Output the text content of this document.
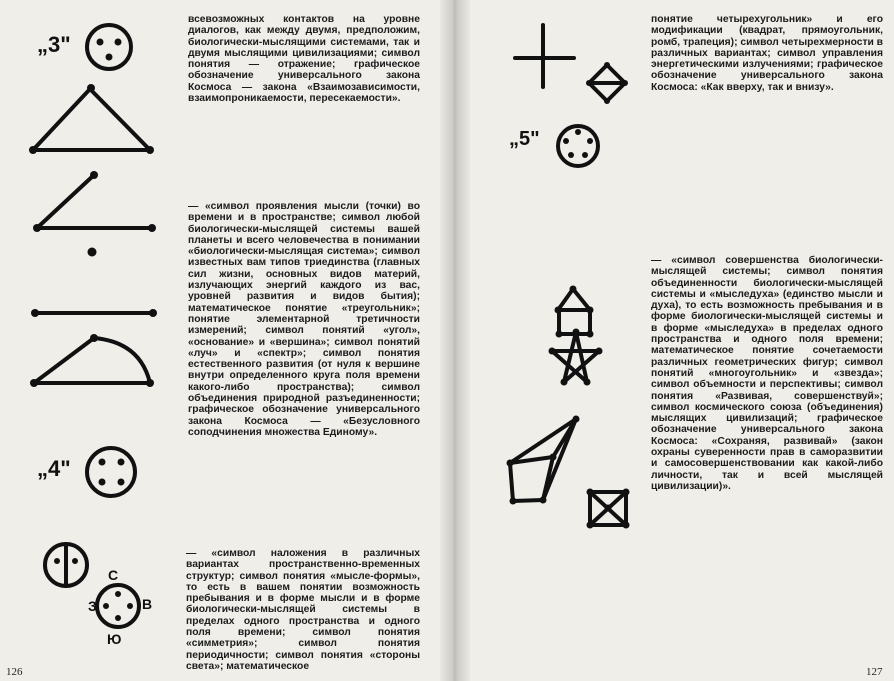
„3"
„4"
„5"
С
З	В
Ю
всевозможных контактов на уровне диалогов, как между двумя, предположим, биологически-мыслящими системами, так и двумя мыслящими цивилизациями; символ понятия — отражение; графическое обозначение универсального закона Космоса — закона «Взаимозависимости, взаимопроникаемости, пересекаемости».
— «символ проявления мысли (точки) во времени и в пространстве; символ любой биологически-мыслящей системы вашей планеты и всего человечества в понимании «биологически-мыслящая система»; символ известных вам типов триединства (главных сил жизни, основных видов материй, излучающих энергий каждого из вас, уровней развития и видов бытия); математическое понятие «треугольник»; понятие элементарной третичности измерений; символ понятий «угол», «основание» и «вершина»; символ понятий «луч» и «спектр»; символ понятия естественного развития (от нуля к вершине внутри определенного круга поля времени какого-либо пространства); символ объединения природной разъединенности; графическое обозначение универсального закона Космоса — «Безусловного соподчинения множества Единому».
— «символ наложения в различных вариантах пространственно-временных структур; символ понятия «мысле-формы», то есть в вашем понятии возможность пребывания и в форме мысли и в форме биологически-мыслящей системы в пределах одного пространства и одного поля времени; символ понятия «симметрия»; символ понятия периодичности; символ понятия «стороны света»; математическое
понятие четырехугольник» и его модификации (квадрат, прямоугольник, ромб, трапеция); символ четырехмерности в различных вариантах; символ управления энергетическими излучениями; графическое обозначение универсального закона Космоса: «Как вверху, так и внизу».
— «символ совершенства биологически-мыслящей системы; символ понятия объединенности биологически-мыслящей системы и «мыследуха» (единство мысли и духа), то есть возможность пребывания и в форме биологически-мыслящей системы и в форме «мыследуха» в пределах одного пространства и одного поля времени; математическое понятие сочетаемости различных геометрических фигур; символ понятий «многоугольник» и «звезда»; символ объемности и перспективы; символ понятия «Развивая, совершенствуй»; символ космического союза (объединения) мыслящих цивилизаций; графическое обозначение универсального закона Космоса: «Сохраняя, развивай» (закон охраны суверенности прав в саморазвитии и самосовершенствовании как какой-либо личности, так и всей мыслящей цивилизации)».
126	127
